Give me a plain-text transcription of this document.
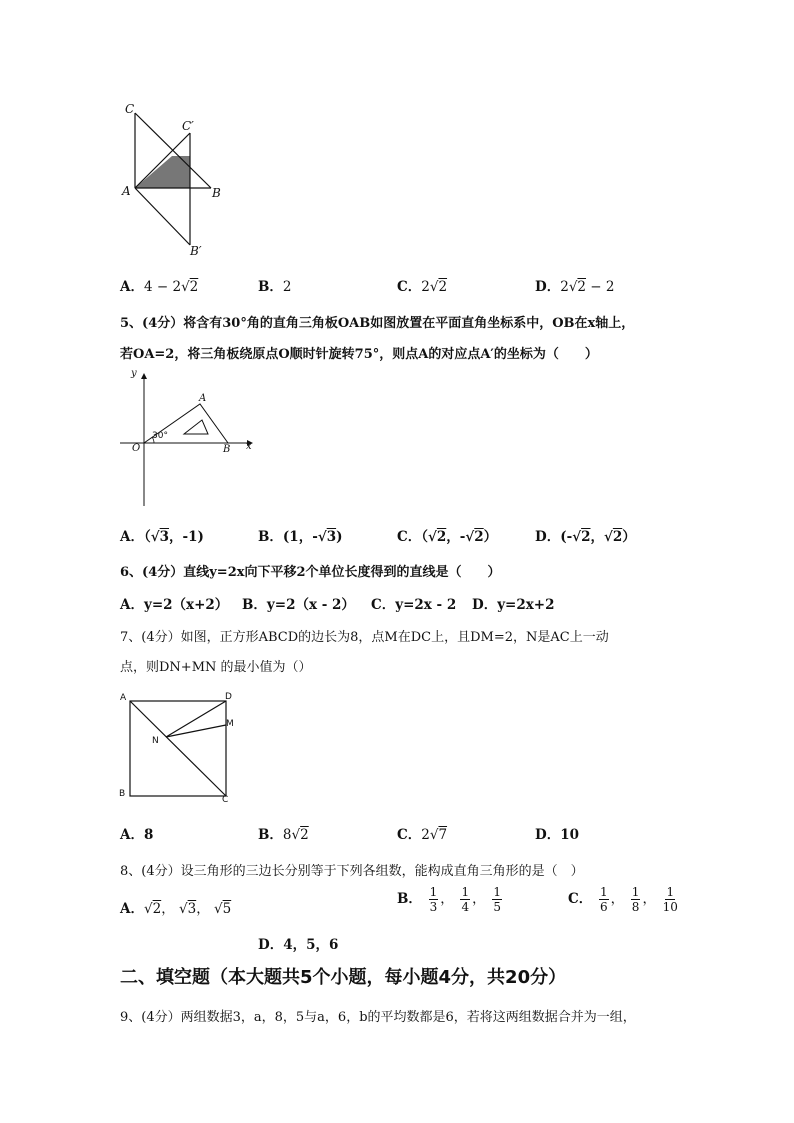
C
C′
A	B
B′
A．4 − 2√2	B．2	C．2√2	D．2√2 − 2
5、(4分）将含有30°角的直角三角板OAB如图放置在平面直角坐标系中，OB在x轴上，
若OA=2，将三角板绕原点O顺时针旋转75°，则点A的对应点A′的坐标为（　　）
y
A
30°
O	B x
A．（√3，-1)	B．(1，-√3)	C．（√2，-√2）	D．(-√2，√2）
6、(4分）直线y=2x向下平移2个单位长度得到的直线是（　　）
A．y=2（x+2） B．y=2（x - 2） C．y=2x - 2 D．y=2x+2
7、(4分）如图，正方形ABCD的边长为8，点M在DC上，且DM=2，N是AC上一动
点，则DN+MN 的最小值为（）
A	D
M
N
B
C
A．8	B．8√2	C．2√7	D．10
8、(4分）设三角形的三边长分别等于下列各组数，能构成直角三角形的是（　）
A．√2， √3， √5
B． $\frac{1}{3}$ ， $\frac{1}{4}$ ， $\frac{1}{5}$	C． $\frac{1}{6}$ ， $\frac{1}{8}$ ， $\frac{1}{10}$
D．4，5，6
二、填空题（本大题共5个小题，每小题4分，共20分）
9、(4分）两组数据3，a，8，5与a，6，b的平均数都是6，若将这两组数据合并为一组，
